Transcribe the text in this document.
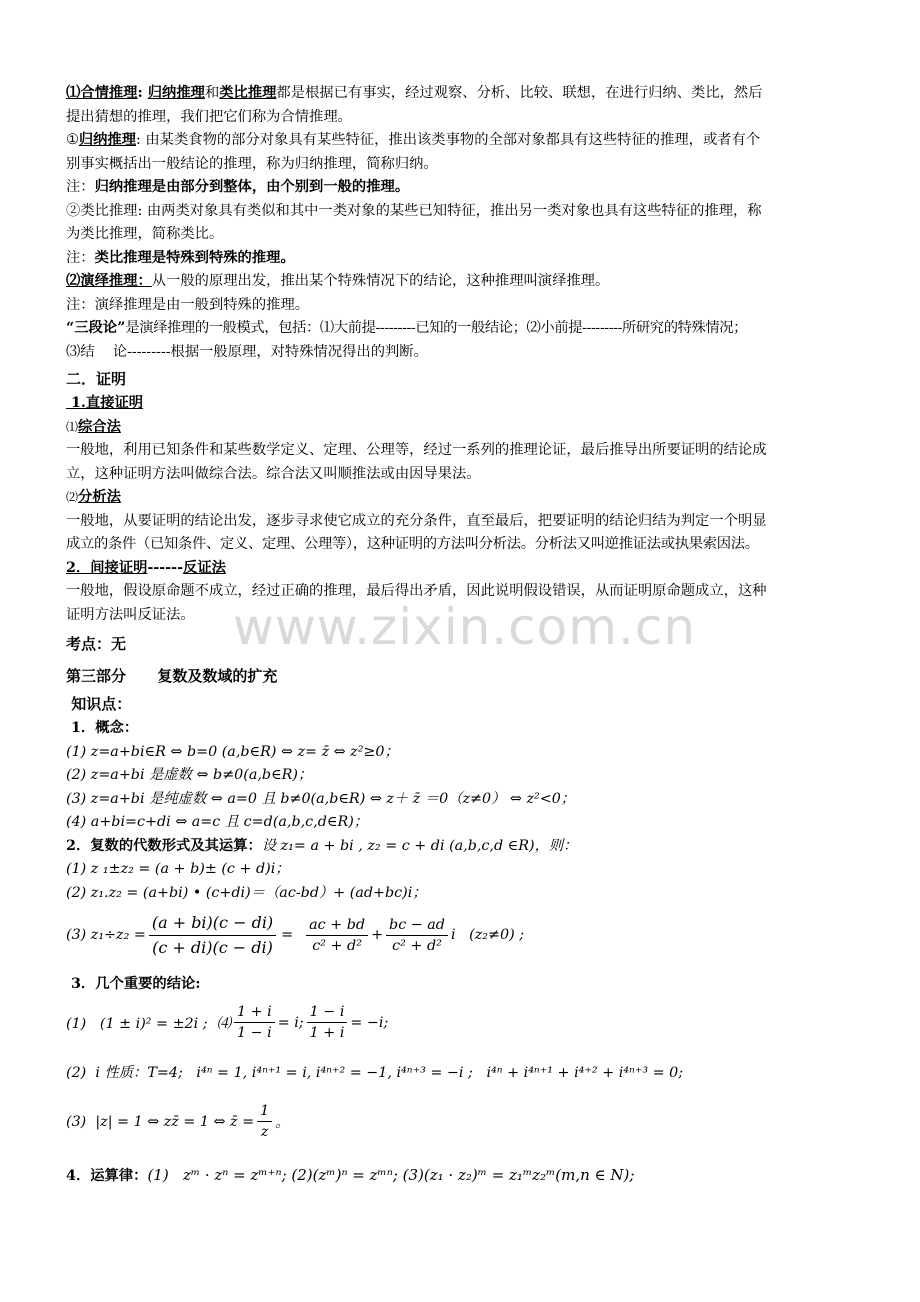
www.zixin.com.cn

⑴合情推理: 归纳推理和类比推理都是根据已有事实，经过观察、分析、比较、联想，在进行归纳、类比，然后

提出猜想的推理，我们把它们称为合情推理。

①归纳推理: 由某类食物的部分对象具有某些特征，推出该类事物的全部对象都具有这些特征的推理，或者有个

别事实概括出一般结论的推理，称为归纳推理，简称归纳。

注：归纳推理是由部分到整体，由个别到一般的推理。

②类比推理: 由两类对象具有类似和其中一类对象的某些已知特征，推出另一类对象也具有这些特征的推理，称

为类比推理，简称类比。

注：类比推理是特殊到特殊的推理。

⑵演绎推理：从一般的原理出发，推出某个特殊情况下的结论，这种推理叫演绎推理。

注：演绎推理是由一般到特殊的推理。

“三段论”是演绎推理的一般模式，包括：⑴大前提---------已知的一般结论；⑵小前提---------所研究的特殊情况；

⑶结    论---------根据一般原理，对特殊情况得出的判断。

二．证明

1.直接证明

⑴综合法

一般地，利用已知条件和某些数学定义、定理、公理等，经过一系列的推理论证，最后推导出所要证明的结论成

立，这种证明方法叫做综合法。综合法又叫顺推法或由因导果法。

⑵分析法

一般地，从要证明的结论出发，逐步寻求使它成立的充分条件，直至最后，把要证明的结论归结为判定一个明显

成立的条件（已知条件、定义、定理、公理等），这种证明的方法叫分析法。分析法又叫逆推证法或执果索因法。

2．间接证明------反证法

一般地，假设原命题不成立，经过正确的推理，最后得出矛盾，因此说明假设错误，从而证明原命题成立，这种

证明方法叫反证法。

考点：无

第三部分      复数及数域的扩充

知识点：

1．概念：

(1) z=a+bi∈R ⇔ b=0 (a,b∈R) ⇔ z= z̄ ⇔ z²≥0；

(2) z=a+bi 是虚数 ⇔ b≠0(a,b∈R)；

(3) z=a+bi 是纯虚数 ⇔ a=0 且 b≠0(a,b∈R) ⇔ z＋ z̄ ＝0（z≠0） ⇔ z²<0；

(4) a+bi=c+di ⇔ a=c 且 c=d(a,b,c,d∈R)；

2．复数的代数形式及其运算：设 z₁= a + bi , z₂ = c + di (a,b,c,d ∈R)，则：

(1) z ₁±z₂ = (a + b)± (c + d)i；

(2) z₁.z₂ = (a+bi) • (c+di)＝（ac-bd）+ (ad+bc)i；

(3) $z_1\div z_2 = \frac{(a + bi)(c - di)}{(c + di)(c - di)} = \frac{ac + bd}{\text{c² + d²}} + \frac{bc - ad}{\text{c² + d²}}$ i   (z₂≠0) ;

3．几个重要的结论:

(1)   (1 ± i)² = ±2i ;  ⑷ $\frac{1 + i}{1 - i} = i$; $\frac{1 - i}{1 + i} = -i$;
(2)  i 性质：T=4;   i⁴ⁿ = 1, i⁴ⁿ⁺¹ = i, i⁴ⁿ⁺² = −1, i⁴ⁿ⁺³ = −i ;   i⁴ⁿ + i⁴ⁿ⁺¹ + i⁴⁺² + i⁴ⁿ⁺³ = 0;
(3)  |z| = 1 ⇔ zz̄ = 1 ⇔ z̄ = $\frac{1}{z}$ 。
4．运算律： (1)   zᵐ · zⁿ = zᵐ⁺ⁿ; (2)(zᵐ)ⁿ = zᵐⁿ; (3)(z₁ · z₂)ᵐ = z₁ᵐz₂ᵐ(m,n ∈ N);
